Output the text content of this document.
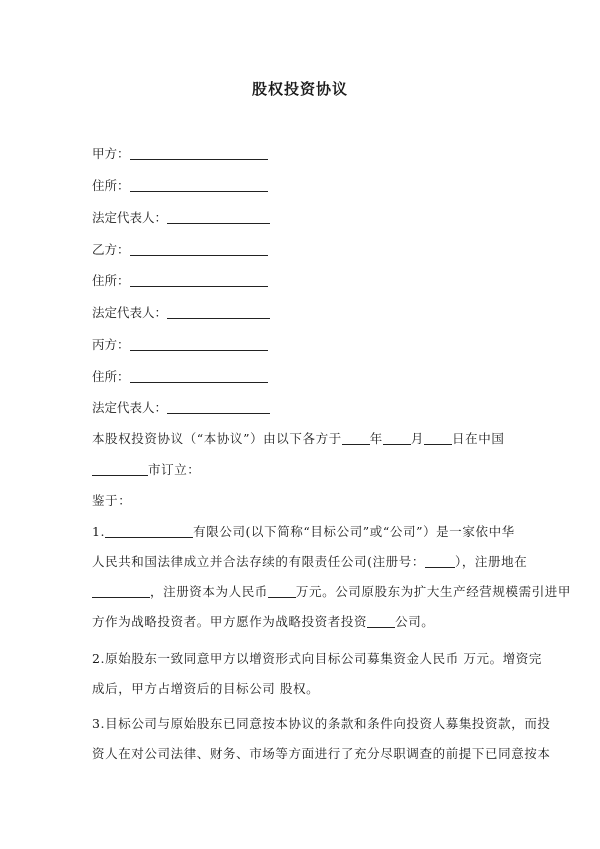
股权投资协议
甲方：
住所：
法定代表人：
乙方：
住所：
法定代表人：
丙方：
住所：
法定代表人：
本股权投资协议（“本协议”）由以下各方于 年 月 日在中国
市订立：
鉴于：
1.	有限公司(以下简称“目标公司”或“公司”）是一家依中华
人民共和国法律成立并合法存续的有限责任公司(注册号： ），注册地在
，注册资本为人民币 万元。公司原股东为扩大生产经营规模需引进甲
方作为战略投资者。甲方愿作为战略投资者投资 公司。
2.原始股东一致同意甲方以增资形式向目标公司募集资金人民币 万元。增资完
成后，甲方占增资后的目标公司 股权。
3.目标公司与原始股东已同意按本协议的条款和条件向投资人募集投资款，而投
资人在对公司法律、财务、市场等方面进行了充分尽职调查的前提下已同意按本
